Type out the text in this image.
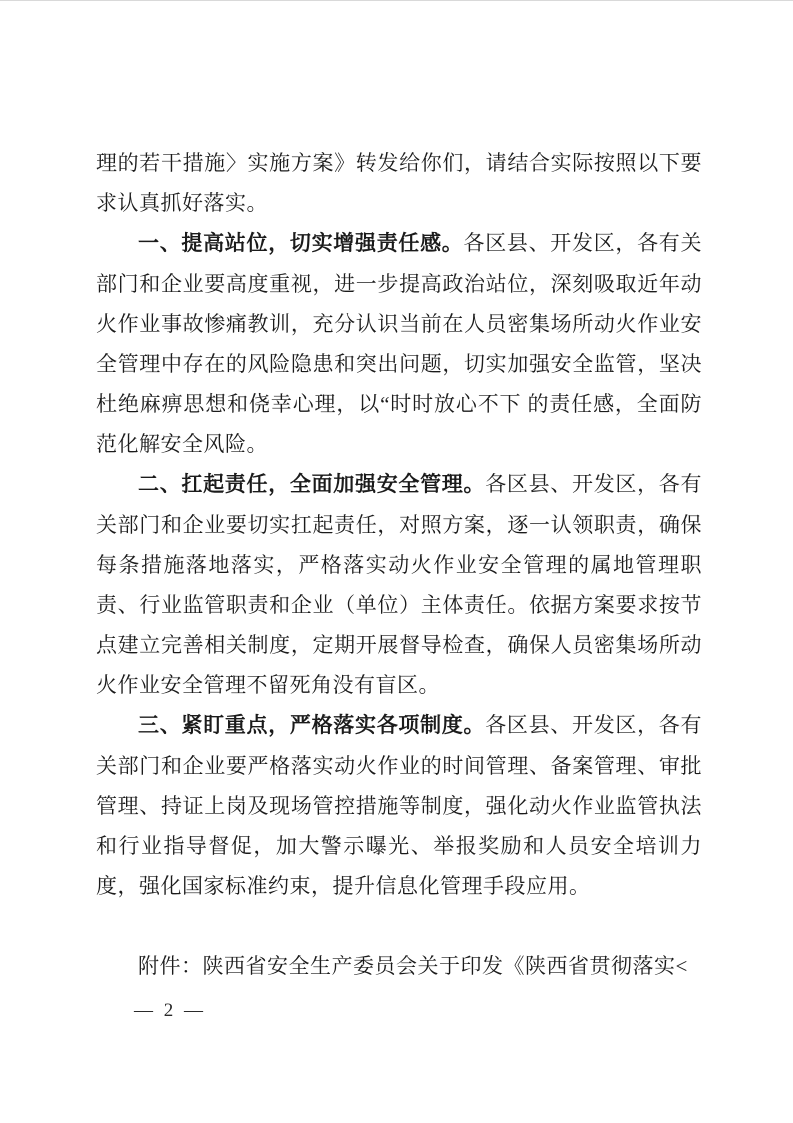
理的若干措施〉实施方案》转发给你们，请结合实际按照以下要求认真抓好落实。

一、提高站位，切实增强责任感。各区县、开发区，各有关部门和企业要高度重视，进一步提高政治站位，深刻吸取近年动火作业事故惨痛教训，充分认识当前在人员密集场所动火作业安全管理中存在的风险隐患和突出问题，切实加强安全监管，坚决杜绝麻痹思想和侥幸心理，以“时时放心不下 的责任感，全面防范化解安全风险。

二、扛起责任，全面加强安全管理。各区县、开发区，各有关部门和企业要切实扛起责任，对照方案，逐一认领职责，确保每条措施落地落实，严格落实动火作业安全管理的属地管理职责、行业监管职责和企业（单位）主体责任。依据方案要求按节点建立完善相关制度，定期开展督导检查，确保人员密集场所动火作业安全管理不留死角没有盲区。

三、紧盯重点，严格落实各项制度。各区县、开发区，各有关部门和企业要严格落实动火作业的时间管理、备案管理、审批管理、持证上岗及现场管控措施等制度，强化动火作业监管执法和行业指导督促，加大警示曝光、举报奖励和人员安全培训力度，强化国家标准约束，提升信息化管理手段应用。

附件：陕西省安全生产委员会关于印发《陕西省贯彻落实<

— 2 —
